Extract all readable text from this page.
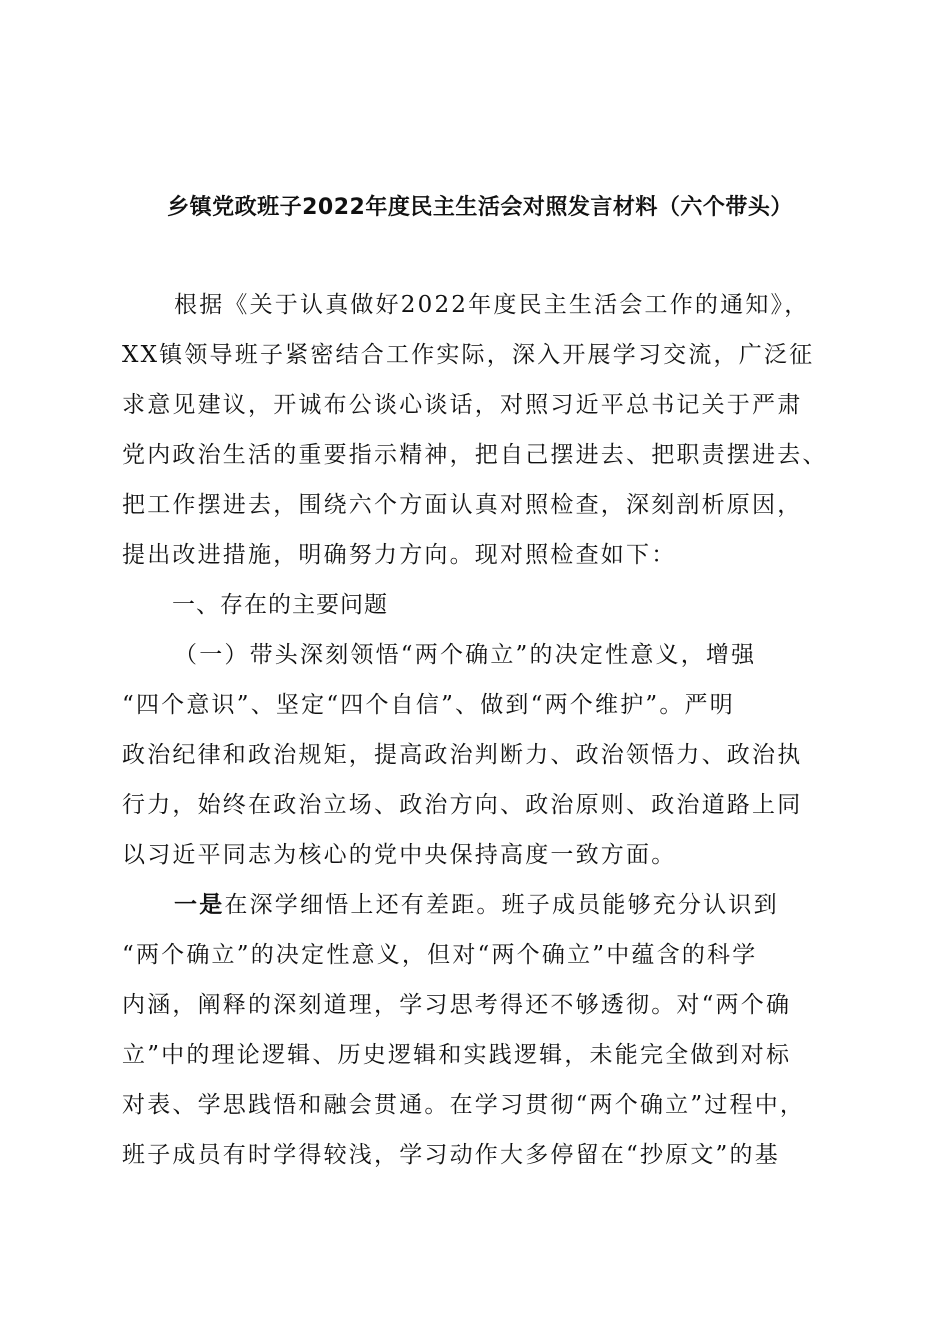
乡镇党政班子2022年度民主生活会对照发言材料（六个带头）
根据《关于认真做好2022年度民主生活会工作的通知》，
XX镇领导班子紧密结合工作实际，深入开展学习交流，广泛征
求意见建议，开诚布公谈心谈话，对照习近平总书记关于严肃
党内政治生活的重要指示精神，把自己摆进去、把职责摆进去、
把工作摆进去，围绕六个方面认真对照检查，深刻剖析原因，
提出改进措施，明确努力方向。现对照检查如下：
一、存在的主要问题
（一）带头深刻领悟“两个确立”的决定性意义，增强
“四个意识”、坚定“四个自信”、做到“两个维护”。严明
政治纪律和政治规矩，提高政治判断力、政治领悟力、政治执
行力，始终在政治立场、政治方向、政治原则、政治道路上同
以习近平同志为核心的党中央保持高度一致方面。
一是在深学细悟上还有差距。班子成员能够充分认识到
“两个确立”的决定性意义，但对“两个确立”中蕴含的科学
内涵，阐释的深刻道理，学习思考得还不够透彻。对“两个确
立”中的理论逻辑、历史逻辑和实践逻辑，未能完全做到对标
对表、学思践悟和融会贯通。在学习贯彻“两个确立”过程中，
班子成员有时学得较浅，学习动作大多停留在“抄原文”的基
